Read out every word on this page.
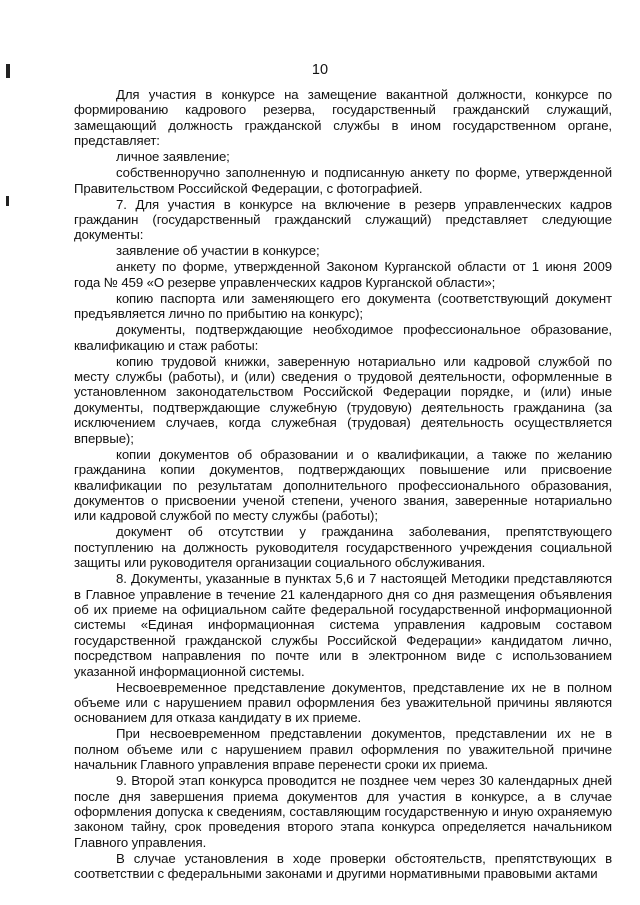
10

Для участия в конкурсе на замещение вакантной должности, конкурсе по формированию кадрового резерва, государственный гражданский служащий, замещающий должность гражданской службы в ином государственном органе, представляет:

личное заявление;

собственноручно заполненную и подписанную анкету по форме, утвержденной Правительством Российской Федерации, с фотографией.

7. Для участия в конкурсе на включение в резерв управленческих кадров гражданин (государственный гражданский служащий) представляет следующие документы:

заявление об участии в конкурсе;

анкету по форме, утвержденной Законом Курганской области от 1 июня 2009 года № 459 «О резерве управленческих кадров Курганской области»;

копию паспорта или заменяющего его документа (соответствующий документ предъявляется лично по прибытию на конкурс);

документы, подтверждающие необходимое профессиональное образование, квалификацию и стаж работы:

копию трудовой книжки, заверенную нотариально или кадровой службой по месту службы (работы), и (или) сведения о трудовой деятельности, оформленные в установленном законодательством Российской Федерации порядке, и (или) иные документы, подтверждающие служебную (трудовую) деятельность гражданина (за исключением случаев, когда служебная (трудовая) деятельность осуществляется впервые);

копии документов об образовании и о квалификации, а также по желанию гражданина копии документов, подтверждающих повышение или присвоение квалификации по результатам дополнительного профессионального образования, документов о присвоении ученой степени, ученого звания, заверенные нотариально или кадровой службой по месту службы (работы);

документ об отсутствии у гражданина заболевания, препятствующего поступлению на должность руководителя государственного учреждения социальной защиты или руководителя организации социального обслуживания.

8. Документы, указанные в пунктах 5,6 и 7 настоящей Методики представляются в Главное управление в течение 21 календарного дня со дня размещения объявления об их приеме на официальном сайте федеральной государственной информационной системы «Единая информационная система управления кадровым составом государственной гражданской службы Российской Федерации» кандидатом лично, посредством направления по почте или в электронном виде с использованием указанной информационной системы.

Несвоевременное представление документов, представление их не в полном объеме или с нарушением правил оформления без уважительной причины являются основанием для отказа кандидату в их приеме.

При несвоевременном представлении документов, представлении их не в полном объеме или с нарушением правил оформления по уважительной причине начальник Главного управления вправе перенести сроки их приема.

9. Второй этап конкурса проводится не позднее чем через 30 календарных дней после дня завершения приема документов для участия в конкурсе, а в случае оформления допуска к сведениям, составляющим государственную и иную охраняемую законом тайну, срок проведения второго этапа конкурса определяется начальником Главного управления.

В случае установления в ходе проверки обстоятельств, препятствующих в соответствии с федеральными законами и другими нормативными правовыми актами
